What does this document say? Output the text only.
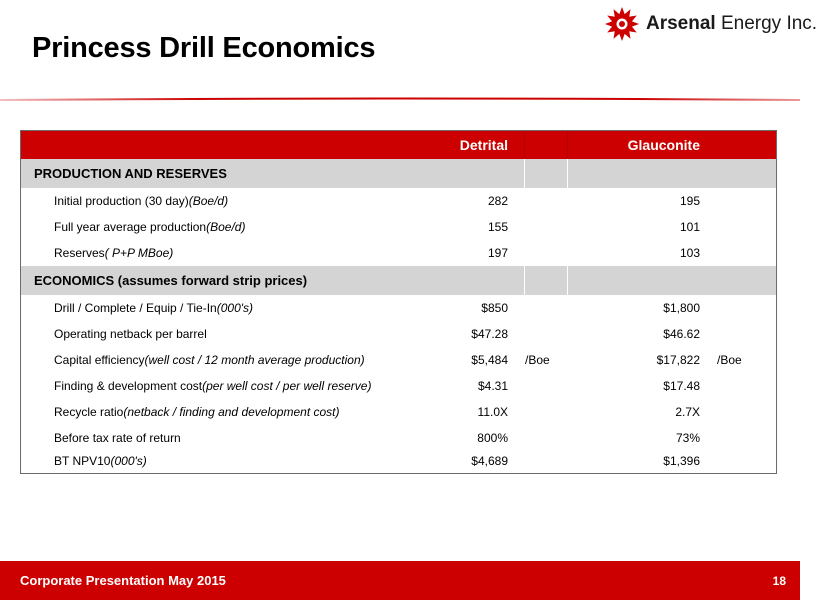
Princess Drill Economics
Arsenal Energy Inc.
Detrital	Glauconite
PRODUCTION AND RESERVES
Initial production (30 day) (Boe/d)	282	195
Full year average production (Boe/d)	155	101
Reserves ( P+P MBoe)	197	103
ECONOMICS (assumes forward strip prices)
Drill / Complete / Equip / Tie-In (000's)	$850	$1,800
Operating netback per barrel	$47.28	$46.62
Capital efficiency (well cost / 12 month average production)	$5,484 /Boe	$17,822 /Boe
Finding & development cost (per well cost / per well reserve)	$4.31	$17.48
Recycle ratio (netback / finding and development cost)	11.0X	2.7X
Before tax rate of return	800%	73%
BT NPV10 (000's)	$4,689	$1,396
Corporate Presentation May 2015	18
